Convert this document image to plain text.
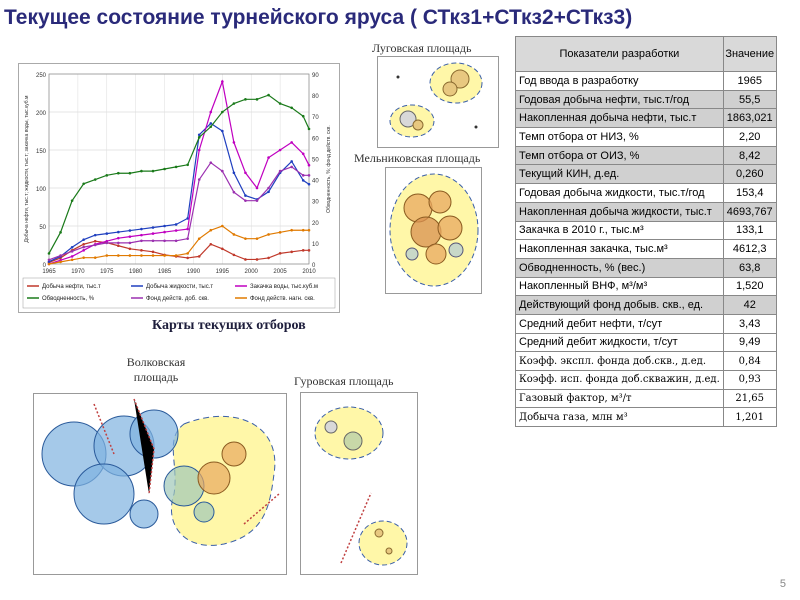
Текущее состояние турнейского яруса ( СТкз1+СТкз2+СТкз3)
0
50
100
150
200
250
0
10
20
30
40
50
60
70
80
90
1965	1970	1975	1980	1985	1990	1995	2000	2005	2010
Добыча нефти, тыс.т; жидкости, тыс.т; закачка воды, тыс.куб.м	Обводненность, %; фонд действ. скв.
Добыча нефти, тыс.т	Добыча жидкости, тыс.т	Закачка воды, тыс.куб.м
Обводненность, %	Фонд действ. доб. скв.	Фонд действ. нагн. скв.
Луговская площадь
Мельниковская площадь
Показатели разработки	Значение
Год ввода в разработку	1965
Годовая добыча нефти, тыс.т/год	55,5
Накопленная добыча нефти, тыс.т	1863,021
Темп отбора от НИЗ, %	2,20
Темп отбора от ОИЗ, %	8,42
Текущий КИН, д.ед.	0,260
Годовая добыча жидкости, тыс.т/год	153,4
Накопленная добыча жидкости, тыс.т	4693,767
Закачка в 2010 г., тыс.м³	133,1
Накопленная закачка, тыс.м³	4612,3
Обводненность, % (вес.)	63,8
Накопленный ВНФ, м³/м³	1,520
Действующий фонд добыв. скв., ед.	42
Средний дебит нефти, т/сут	3,43
Средний дебит жидкости, т/сут	9,49
Коэфф. экспл. фонда доб.скв., д.ед.	0,84
Коэфф. исп. фонда доб.скважин, д.ед.	0,93
Газовый фактор, м³/т	21,65
Добыча газа, млн м³	1,201
Карты текущих отборов
Волковская
площадь	Гуровская площадь
5
